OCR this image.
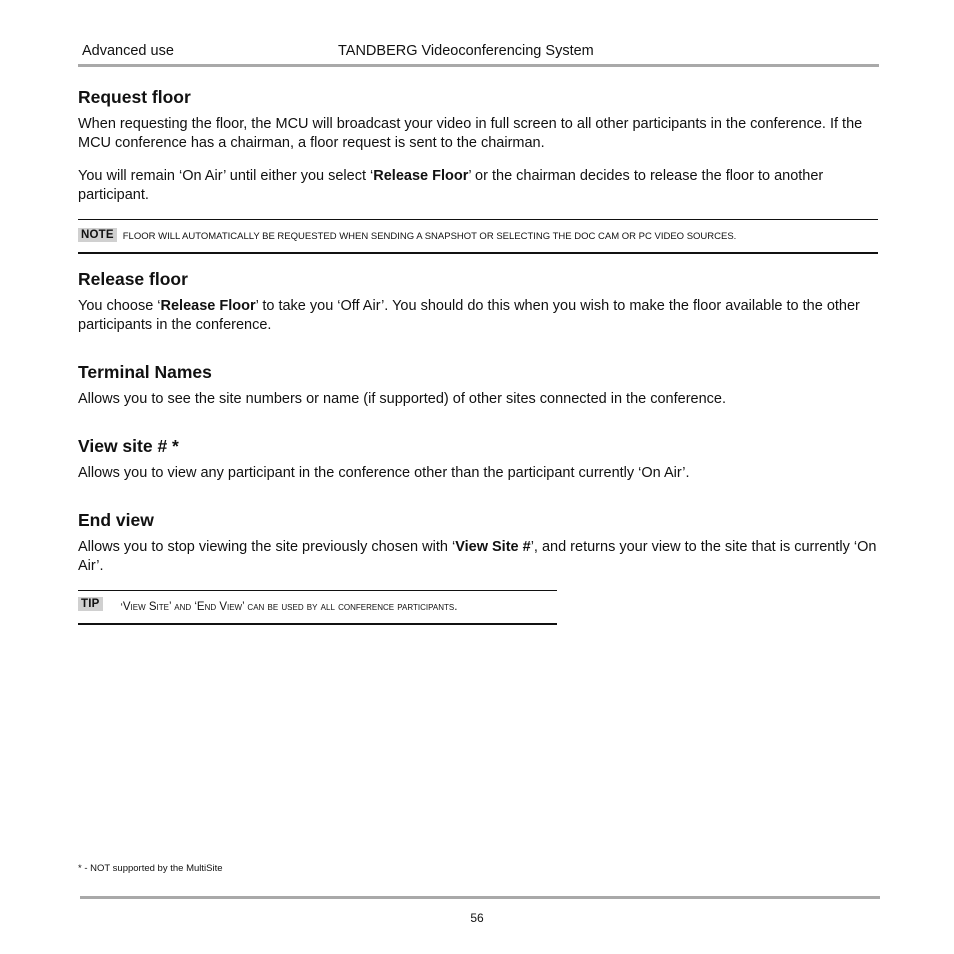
Advanced use	TANDBERG Videoconferencing System
Request floor

When requesting the floor, the MCU will broadcast your video in full screen to all other participants in the conference. If the MCU conference has a chairman, a floor request is sent to the chairman.

You will remain ‘On Air’ until either you select ‘Release Floor’ or the chairman decides to release the floor to another participant.

NOTE FLOOR WILL AUTOMATICALLY BE REQUESTED WHEN SENDING A SNAPSHOT OR SELECTING THE DOC CAM OR PC VIDEO SOURCES.
Release floor

You choose ‘Release Floor’ to take you ‘Off Air’. You should do this when you wish to make the floor available to the other participants in the conference.

Terminal Names

Allows you to see the site numbers or name (if supported) of other sites connected in the conference.

View site # *

Allows you to view any participant in the conference other than the participant currently ‘On Air’.

End view

Allows you to stop viewing the site previously chosen with ‘View Site #’, and returns your view to the site that is currently ‘On Air’.

TIP ‘View Site’ and ‘End View’ can be used by all conference participants.
* - NOT supported by the MultiSite
56
